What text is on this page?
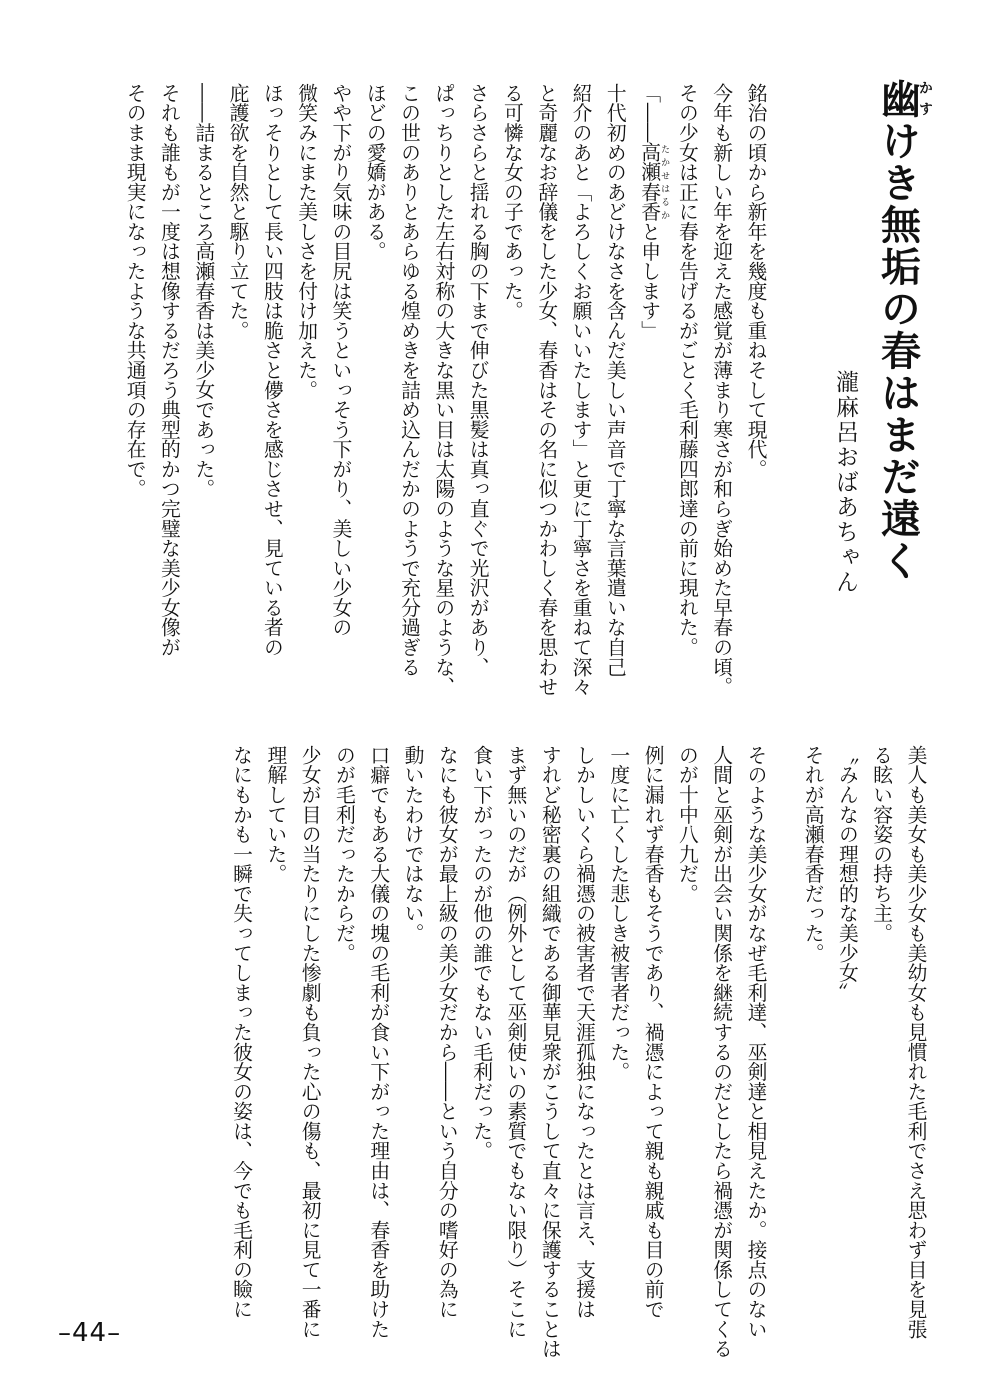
幽かすけき無垢の春はまだ遠く
瀧麻呂おばあちゃん

銘治の頃から新年を幾度も重ねそして現代。

今年も新しい年を迎えた感覚が薄まり寒さが和らぎ始めた早春の頃。

その少女は正に春を告げるがごとく毛利藤四郎達の前に現れた。

「――高瀬たかせ春香はるかと申します」

十代初めのあどけなさを含んだ美しい声音で丁寧な言葉遣いな自己

紹介のあと「よろしくお願いいたします」と更に丁寧さを重ねて深々

と奇麗なお辞儀をした少女、春香はその名に似つかわしく春を思わせ

る可憐な女の子であった。

さらさらと揺れる胸の下まで伸びた黒髪は真っ直ぐで光沢があり、

ぱっちりとした左右対称の大きな黒い目は太陽のような星のような、

この世のありとあらゆる煌めきを詰め込んだかのようで充分過ぎる

ほどの愛嬌がある。

やや下がり気味の目尻は笑うといっそう下がり、美しい少女の

微笑みにまた美しさを付け加えた。

ほっそりとして長い四肢は脆さと儚さを感じさせ、見ている者の

庇護欲を自然と駆り立てた。

――詰まるところ高瀬春香は美少女であった。

それも誰もが一度は想像するだろう典型的かつ完璧な美少女像が

そのまま現実になったような共通項の存在で。

美人も美女も美少女も美幼女も見慣れた毛利でさえ思わず目を見張

る眩い容姿の持ち主。

〝みんなの理想的な美少女〟

それが高瀬春香だった。

そのような美少女がなぜ毛利達、巫剣達と相見えたか。接点のない

人間と巫剣が出会い関係を継続するのだとしたら禍憑が関係してくる

のが十中八九だ。

例に漏れず春香もそうであり、禍憑によって親も親戚も目の前で

一度に亡くした悲しき被害者だった。

しかしいくら禍憑の被害者で天涯孤独になったとは言え、支援は

すれど秘密裏の組織である御華見衆がこうして直々に保護することは

まず無いのだが（例外として巫剣使いの素質でもない限り）そこに

食い下がったのが他の誰でもない毛利だった。

なにも彼女が最上級の美少女だから――という自分の嗜好の為に

動いたわけではない。

口癖でもある大儀の塊の毛利が食い下がった理由は、春香を助けた

のが毛利だったからだ。

少女が目の当たりにした惨劇も負った心の傷も、最初に見て一番に

理解していた。

なにもかも一瞬で失ってしまった彼女の姿は、今でも毛利の瞼に

–44–
